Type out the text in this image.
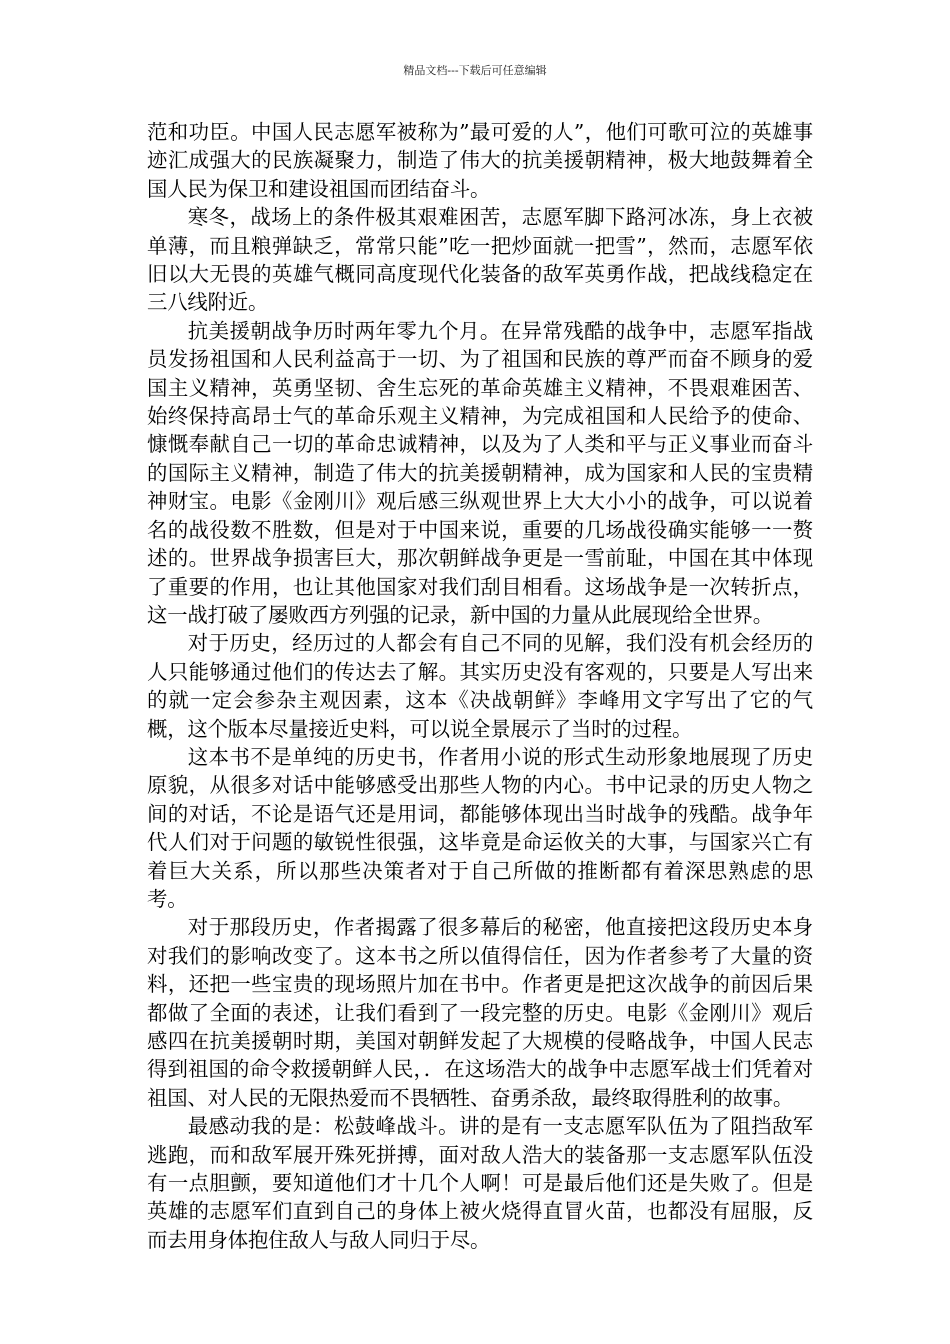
精品文档---下载后可任意编辑

范和功臣。中国人民志愿军被称为”最可爱的人”，他们可歌可泣的英雄事迹汇成强大的民族凝聚力，制造了伟大的抗美援朝精神，极大地鼓舞着全国人民为保卫和建设祖国而团结奋斗。

寒冬，战场上的条件极其艰难困苦，志愿军脚下路河冰冻，身上衣被单薄，而且粮弹缺乏，常常只能”吃一把炒面就一把雪”，然而，志愿军依旧以大无畏的英雄气概同高度现代化装备的敌军英勇作战，把战线稳定在三八线附近。

抗美援朝战争历时两年零九个月。在异常残酷的战争中，志愿军指战员发扬祖国和人民利益高于一切、为了祖国和民族的尊严而奋不顾身的爱国主义精神，英勇坚韧、舍生忘死的革命英雄主义精神，不畏艰难困苦、始终保持高昂士气的革命乐观主义精神，为完成祖国和人民给予的使命、慷慨奉献自己一切的革命忠诚精神，以及为了人类和平与正义事业而奋斗的国际主义精神，制造了伟大的抗美援朝精神，成为国家和人民的宝贵精神财宝。电影《金刚川》观后感三纵观世界上大大小小的战争，可以说着名的战役数不胜数，但是对于中国来说，重要的几场战役确实能够一一赘述的。世界战争损害巨大，那次朝鲜战争更是一雪前耻，中国在其中体现了重要的作用，也让其他国家对我们刮目相看。这场战争是一次转折点，这一战打破了屡败西方列强的记录，新中国的力量从此展现给全世界。

对于历史，经历过的人都会有自己不同的见解，我们没有机会经历的人只能够通过他们的传达去了解。其实历史没有客观的，只要是人写出来的就一定会参杂主观因素，这本《决战朝鲜》李峰用文字写出了它的气概，这个版本尽量接近史料，可以说全景展示了当时的过程。

这本书不是单纯的历史书，作者用小说的形式生动形象地展现了历史原貌，从很多对话中能够感受出那些人物的内心。书中记录的历史人物之间的对话，不论是语气还是用词，都能够体现出当时战争的残酷。战争年代人们对于问题的敏锐性很强，这毕竟是命运攸关的大事，与国家兴亡有着巨大关系，所以那些决策者对于自己所做的推断都有着深思熟虑的思考。

对于那段历史，作者揭露了很多幕后的秘密，他直接把这段历史本身对我们的影响改变了。这本书之所以值得信任，因为作者参考了大量的资料，还把一些宝贵的现场照片加在书中。作者更是把这次战争的前因后果都做了全面的表述，让我们看到了一段完整的历史。电影《金刚川》观后感四在抗美援朝时期，美国对朝鲜发起了大规模的侵略战争，中国人民志得到祖国的命令救援朝鲜人民，．在这场浩大的战争中志愿军战士们凭着对祖国、对人民的无限热爱而不畏牺牲、奋勇杀敌，最终取得胜利的故事。

最感动我的是：松鼓峰战斗。讲的是有一支志愿军队伍为了阻挡敌军逃跑，而和敌军展开殊死拼搏，面对敌人浩大的装备那一支志愿军队伍没有一点胆颤，要知道他们才十几个人啊！可是最后他们还是失败了。但是英雄的志愿军们直到自己的身体上被火烧得直冒火苗，也都没有屈服，反而去用身体抱住敌人与敌人同归于尽。
